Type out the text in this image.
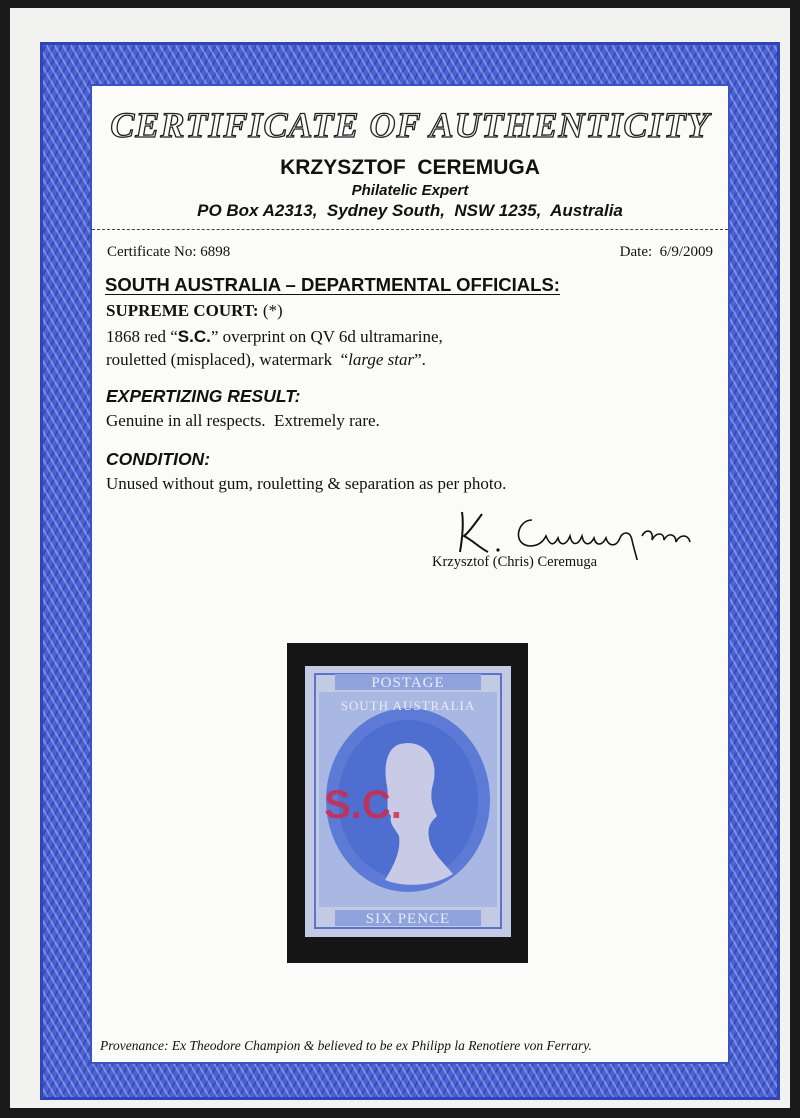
CERTIFICATE OF AUTHENTICITY
KRZYSZTOF  CEREMUGA
Philatelic Expert
PO Box A2313,  Sydney South,  NSW 1235,  Australia
Certificate No: 6898	Date:  6/9/2009
SOUTH AUSTRALIA – DEPARTMENTAL OFFICIALS:
SUPREME COURT: (*)
1868 red “S.C.” overprint on QV 6d ultramarine,
rouletted (misplaced), watermark  “large star”.
EXPERTIZING RESULT:
Genuine in all respects.  Extremely rare.
CONDITION:
Unused without gum, rouletting & separation as per photo.
Krzysztof (Chris) Ceremuga
POSTAGE
SOUTH AUSTRALIA
SIX PENCE
S.C.
Provenance: Ex Theodore Champion & believed to be ex Philipp la Renotiere von Ferrary.
